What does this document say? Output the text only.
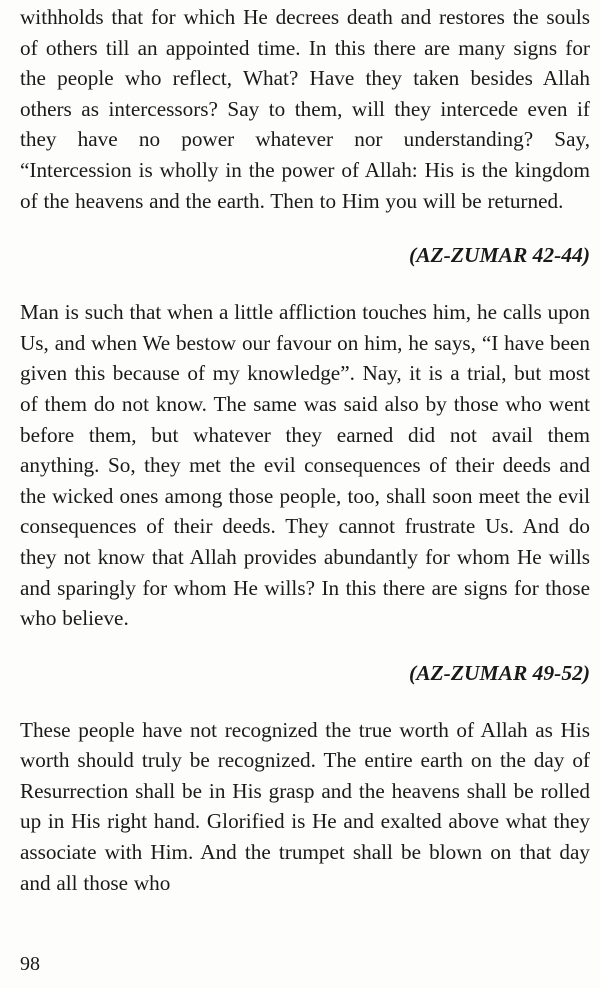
withholds that for which He decrees death and restores the souls of others till an appointed time. In this there are many signs for the people who reflect, What? Have they taken besides Allah others as intercessors? Say to them, will they intercede even if they have no power whatever nor understanding? Say, “Intercession is wholly in the power of Allah: His is the kingdom of the heavens and the earth. Then to Him you will be returned.

(AZ-ZUMAR 42-44)

Man is such that when a little affliction touches him, he calls upon Us, and when We bestow our favour on him, he says, “I have been given this because of my knowledge”. Nay, it is a trial, but most of them do not know. The same was said also by those who went before them, but whatever they earned did not avail them anything. So, they met the evil consequences of their deeds and the wicked ones among those people, too, shall soon meet the evil consequences of their deeds. They cannot frustrate Us. And do they not know that Allah provides abundantly for whom He wills and sparingly for whom He wills? In this there are signs for those who believe.

(AZ-ZUMAR 49-52)

These people have not recognized the true worth of Allah as His worth should truly be recognized. The entire earth on the day of Resurrection shall be in His grasp and the heavens shall be rolled up in His right hand. Glorified is He and exalted above what they associate with Him. And the trumpet shall be blown on that day and all those who

98
